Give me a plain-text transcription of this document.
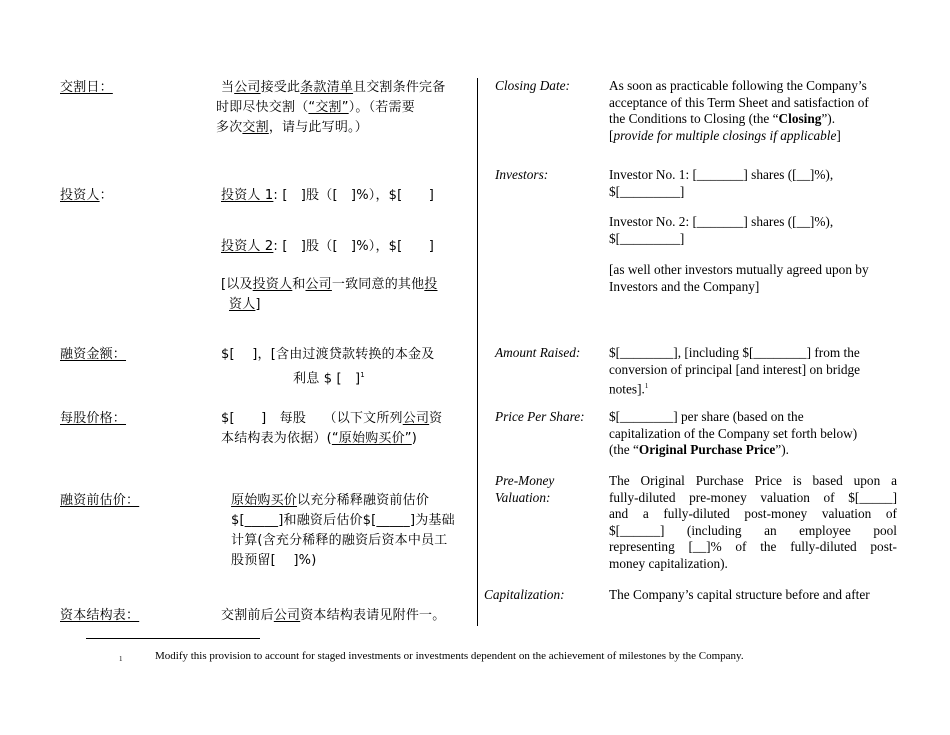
交割日：	当公司接受此条款清单且交割条件完备
时即尽快交割（“交割”）。（若需要
多次交割，请与此写明。）
投资人：	投资人 1: [　]股（[　]%），$[　　]
投资人 2: [　]股（[　]%），$[　　]
[以及投资人和公司一致同意的其他投
资人]
融资金额：	$[　 ]，[含由过渡贷款转换的本金及
利息 $ [　]$^1$
每股价格：	$[　　]　每股　 （以下文所列公司资
本结构表为依据）(“原始购买价”)
融资前估价：	原始购买价以充分稀释融资前估价
$[_____]和融资后估价$[_____]为基础
计算(含充分稀释的融资后资本中员工
股预留[　 ]%)
资本结构表：	交割前后公司资本结构表请见附件一。
Closing Date:	As soon as practicable following the Company’s
acceptance of this Term Sheet and satisfaction of
the Conditions to Closing (the “Closing”).
[provide for multiple closings if applicable]
Investors:	Investor No. 1: [_______] shares ([__]%),
$[_________]
Investor No. 2: [_______] shares ([__]%),
$[_________]
[as well other investors mutually agreed upon by
Investors and the Company]
Amount Raised: $[________], [including $[________] from the
conversion of principal [and interest] on bridge
notes].$^1$
Price Per Share: $[________] per share (based on the
capitalization of the Company set forth below)
(the “Original Purchase Price”).
Pre-Money
Valuation:
The Original Purchase Price is based upon a
fully-diluted pre-money valuation of $[_____]
and a fully-diluted post-money valuation of
$[______] (including an employee pool
representing [__]% of the fully-diluted post-
money capitalization).
Capitalization:	The Company’s capital structure before and after
$^1$	Modify this provision to account for staged investments or investments dependent on the achievement of milestones by the Company.
